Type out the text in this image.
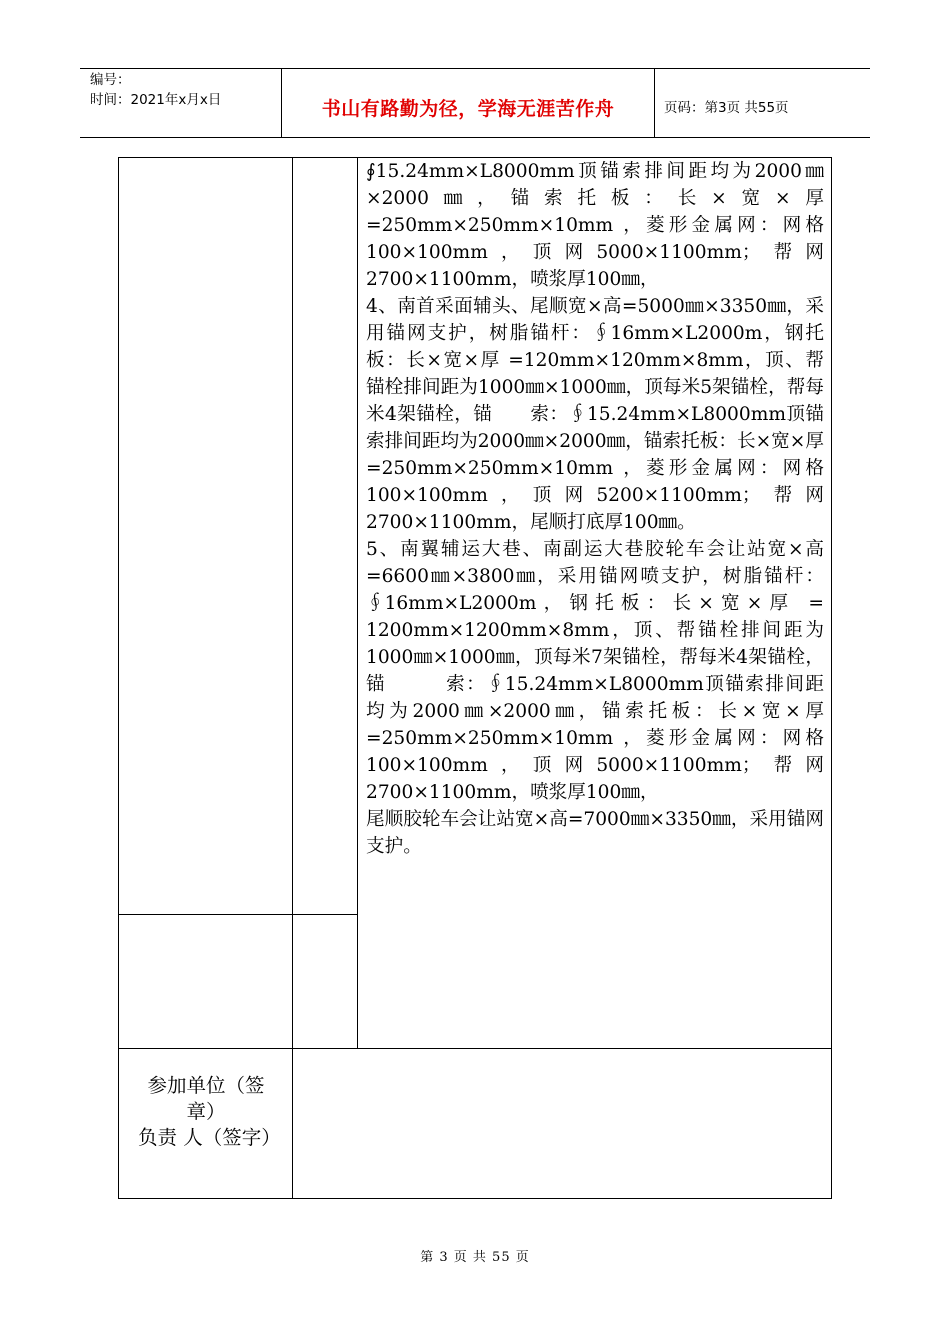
编号：
时间：2021年x月x日	书山有路勤为径，学海无涯苦作舟	页码：第3页 共55页

∮15.24mm×L8000mm顶锚索排间距均为2000㎜×2000㎜，锚索托板：长×宽×厚=250mm×250mm×10mm ，菱形金属网：网格100×100mm，顶网5000×1100mm；帮网2700×1100mm，喷浆厚100㎜，

4、南首采面辅头、尾顺宽×高=5000㎜×3350㎜，采用锚网支护，树脂锚杆：∮16mm×L2000m，钢托板：长×宽×厚 =120mm×120mm×8mm，顶、帮锚栓排间距为1000㎜×1000㎜，顶每米5架锚栓，帮每米4架锚栓，锚　　索：∮15.24mm×L8000mm顶锚索排间距均为2000㎜×2000㎜，锚索托板：长×宽×厚 =250mm×250mm×10mm ，菱形金属网：网格100×100mm，顶网5200×1100mm；帮网2700×1100mm，尾顺打底厚100㎜。

5、南翼辅运大巷、南副运大巷胶轮车会让站宽×高=6600㎜×3800㎜，采用锚网喷支护，树脂锚杆：∮16mm×L2000m，钢托板：长×宽×厚 = 1200mm×1200mm×8mm，顶、帮锚栓排间距为1000㎜×1000㎜，顶每米7架锚栓，帮每米4架锚栓，锚　　　索：∮15.24mm×L8000mm顶锚索排间距均为2000㎜×2000㎜，锚索托板：长×宽×厚=250mm×250mm×10mm ，菱形金属网：网格100×100mm，顶网5000×1100mm；帮网2700×1100mm，喷浆厚100㎜，

尾顺胶轮车会让站宽×高=7000㎜×3350㎜，采用锚网支护。

参加单位（签章）
负责 人（签字）
第 3 页 共 55 页
